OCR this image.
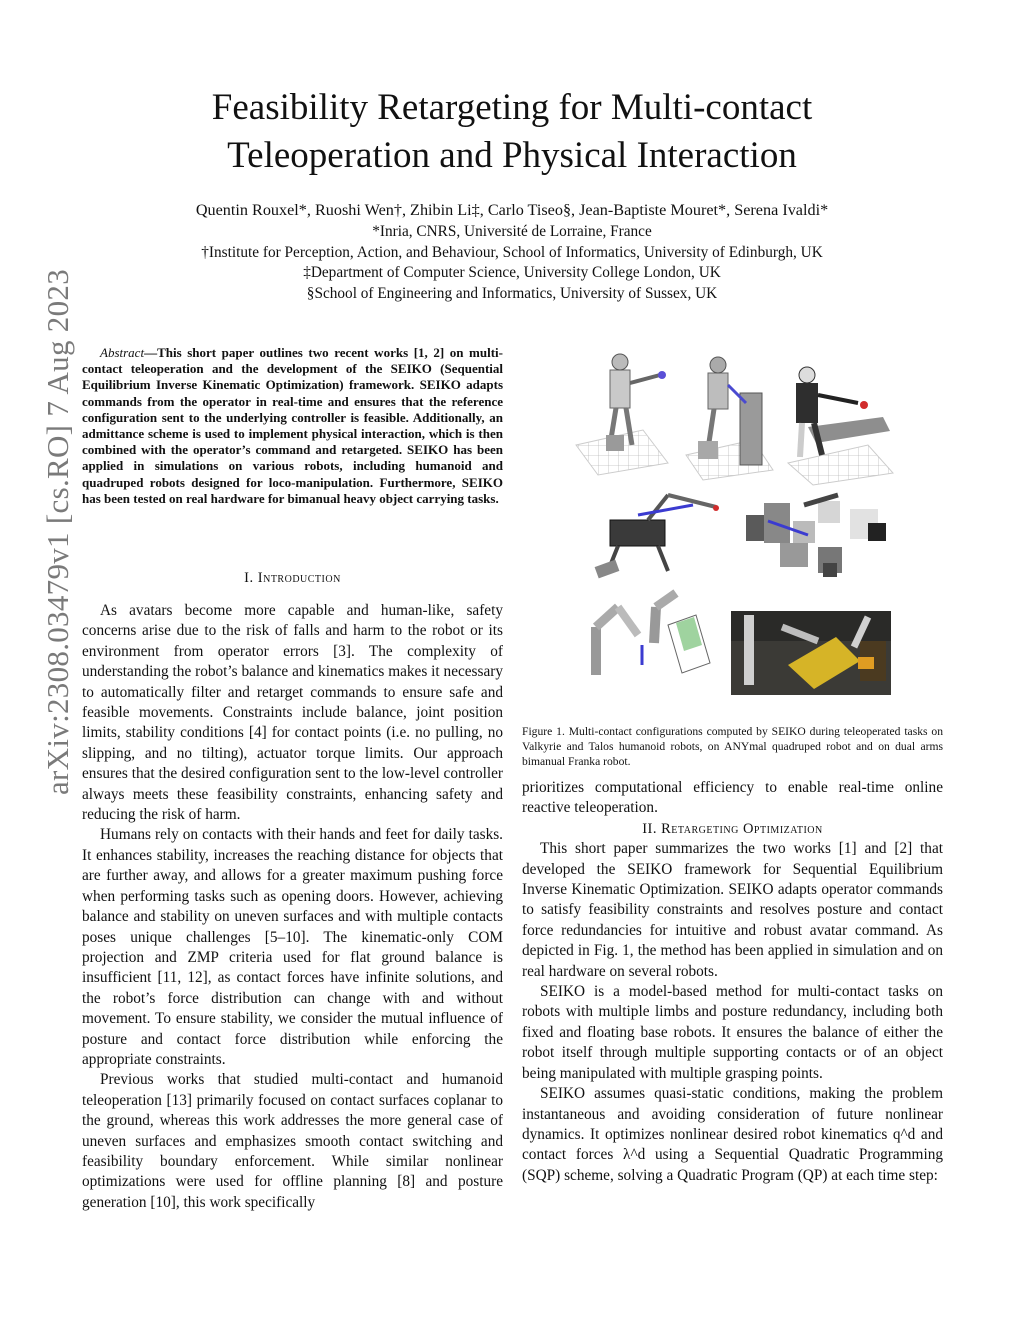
Feasibility Retargeting for Multi-contact
Teleoperation and Physical Interaction
Quentin Rouxel*, Ruoshi Wen†, Zhibin Li‡, Carlo Tiseo§, Jean-Baptiste Mouret*, Serena Ivaldi*
*Inria, CNRS, Université de Lorraine, France
†Institute for Perception, Action, and Behaviour, School of Informatics, University of Edinburgh, UK
‡Department of Computer Science, University College London, UK
§School of Engineering and Informatics, University of Sussex, UK
arXiv:2308.03479v1 [cs.RO] 7 Aug 2023	Abstract—This short paper outlines two recent works [1, 2] on multi-contact teleoperation and the development of the SEIKO (Sequential Equilibrium Inverse Kinematic Optimization) framework. SEIKO adapts commands from the operator in real-time and ensures that the reference configuration sent to the underlying controller is feasible. Additionally, an admittance scheme is used to implement physical interaction, which is then combined with the operator’s command and retargeted. SEIKO has been applied in simulations on various robots, including humanoid and quadruped robots designed for loco-manipulation. Furthermore, SEIKO has been tested on real hardware for bimanual heavy object carrying tasks.
I. Introduction

As avatars become more capable and human-like, safety concerns arise due to the risk of falls and harm to the robot or its environment from operator errors [3]. The complexity of understanding the robot’s balance and kinematics makes it necessary to automatically filter and retarget commands to ensure safe and feasible movements. Constraints include balance, joint position limits, stability conditions [4] for contact points (i.e. no pulling, no slipping, and no tilting), actuator torque limits. Our approach ensures that the desired configuration sent to the low-level controller always meets these feasibility constraints, enhancing safety and reducing the risk of harm.

Humans rely on contacts with their hands and feet for daily tasks. It enhances stability, increases the reaching distance for objects that are further away, and allows for a greater maximum pushing force when performing tasks such as opening doors. However, achieving balance and stability on uneven surfaces and with multiple contacts poses unique challenges [5–10]. The kinematic-only COM projection and ZMP criteria used for flat ground balance is insufficient [11, 12], as contact forces have infinite solutions, and the robot’s force distribution can change with and without movement. To ensure stability, we consider the mutual influence of posture and contact force distribution while enforcing the appropriate constraints.

Previous works that studied multi-contact and humanoid teleoperation [13] primarily focused on contact surfaces coplanar to the ground, whereas this work addresses the more general case of uneven surfaces and emphasizes smooth contact switching and feasibility boundary enforcement. While similar nonlinear optimizations were used for offline planning [8] and posture generation [10], this work specifically

Figure 1. Multi-contact configurations computed by SEIKO during teleoperated tasks on Valkyrie and Talos humanoid robots, on ANYmal quadruped robot and on dual arms bimanual Franka robot.
prioritizes computational efficiency to enable real-time online reactive teleoperation.
II. Retargeting Optimization

This short paper summarizes the two works [1] and [2] that developed the SEIKO framework for Sequential Equilibrium Inverse Kinematic Optimization. SEIKO adapts operator commands to satisfy feasibility constraints and resolves posture and contact force redundancies for intuitive and robust avatar command. As depicted in Fig. 1, the method has been applied in simulation and on real hardware on several robots.

SEIKO is a model-based method for multi-contact tasks on robots with multiple limbs and posture redundancy, including both fixed and floating base robots. It ensures the balance of either the robot itself through multiple supporting contacts or of an object being manipulated with multiple grasping points.

SEIKO assumes quasi-static conditions, making the problem instantaneous and avoiding consideration of future nonlinear dynamics. It optimizes nonlinear desired robot kinematics q^d and contact forces λ^d using a Sequential Quadratic Programming (SQP) scheme, solving a Quadratic Program (QP) at each time step:
